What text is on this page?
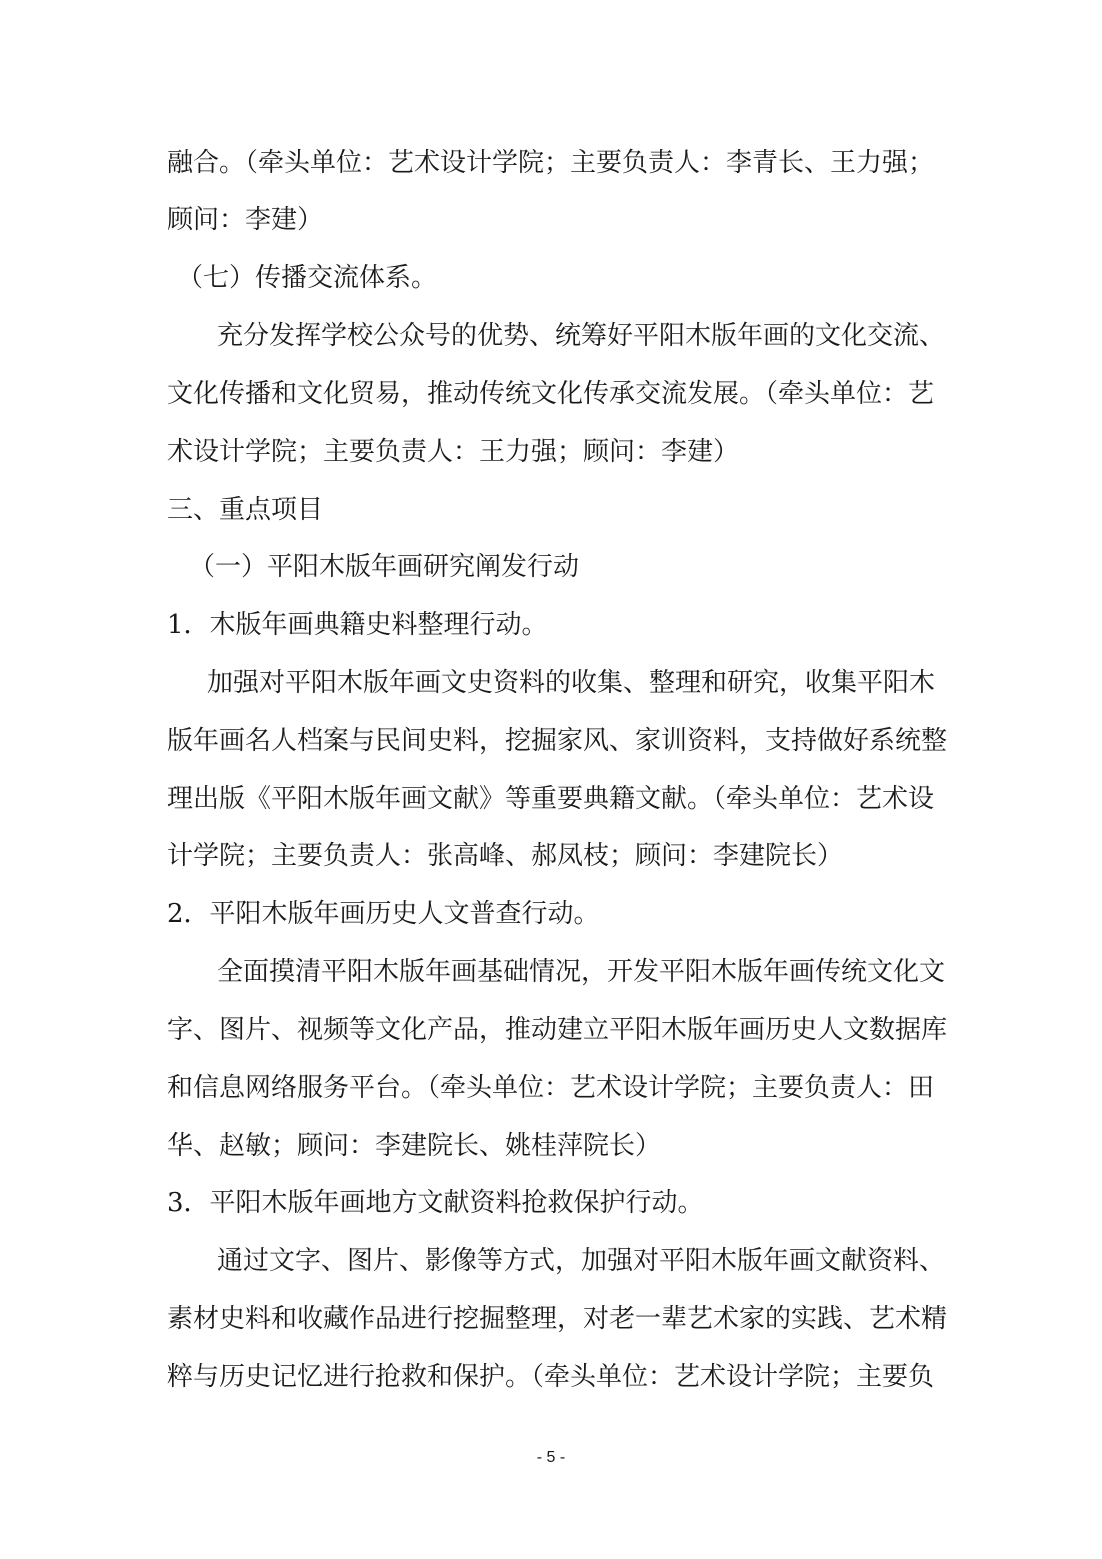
融合。（牵头单位：艺术设计学院；主要负责人：李青长、王力强；
顾问：李建）
（七）传播交流体系。
充分发挥学校公众号的优势、统筹好平阳木版年画的文化交流、
文化传播和文化贸易，推动传统文化传承交流发展。（牵头单位：艺
术设计学院；主要负责人：王力强；顾问：李建）
三、重点项目
（一）平阳木版年画研究阐发行动
1．木版年画典籍史料整理行动。
加强对平阳木版年画文史资料的收集、整理和研究，收集平阳木
版年画名人档案与民间史料，挖掘家风、家训资料，支持做好系统整
理出版《平阳木版年画文献》等重要典籍文献。（牵头单位：艺术设
计学院；主要负责人：张高峰、郝凤枝；顾问：李建院长）
2．平阳木版年画历史人文普查行动。
全面摸清平阳木版年画基础情况，开发平阳木版年画传统文化文
字、图片、视频等文化产品，推动建立平阳木版年画历史人文数据库
和信息网络服务平台。（牵头单位：艺术设计学院；主要负责人：田
华、赵敏；顾问：李建院长、姚桂萍院长）
3．平阳木版年画地方文献资料抢救保护行动。
通过文字、图片、影像等方式，加强对平阳木版年画文献资料、
素材史料和收藏作品进行挖掘整理，对老一辈艺术家的实践、艺术精
粹与历史记忆进行抢救和保护。（牵头单位：艺术设计学院；主要负
- 5 -
